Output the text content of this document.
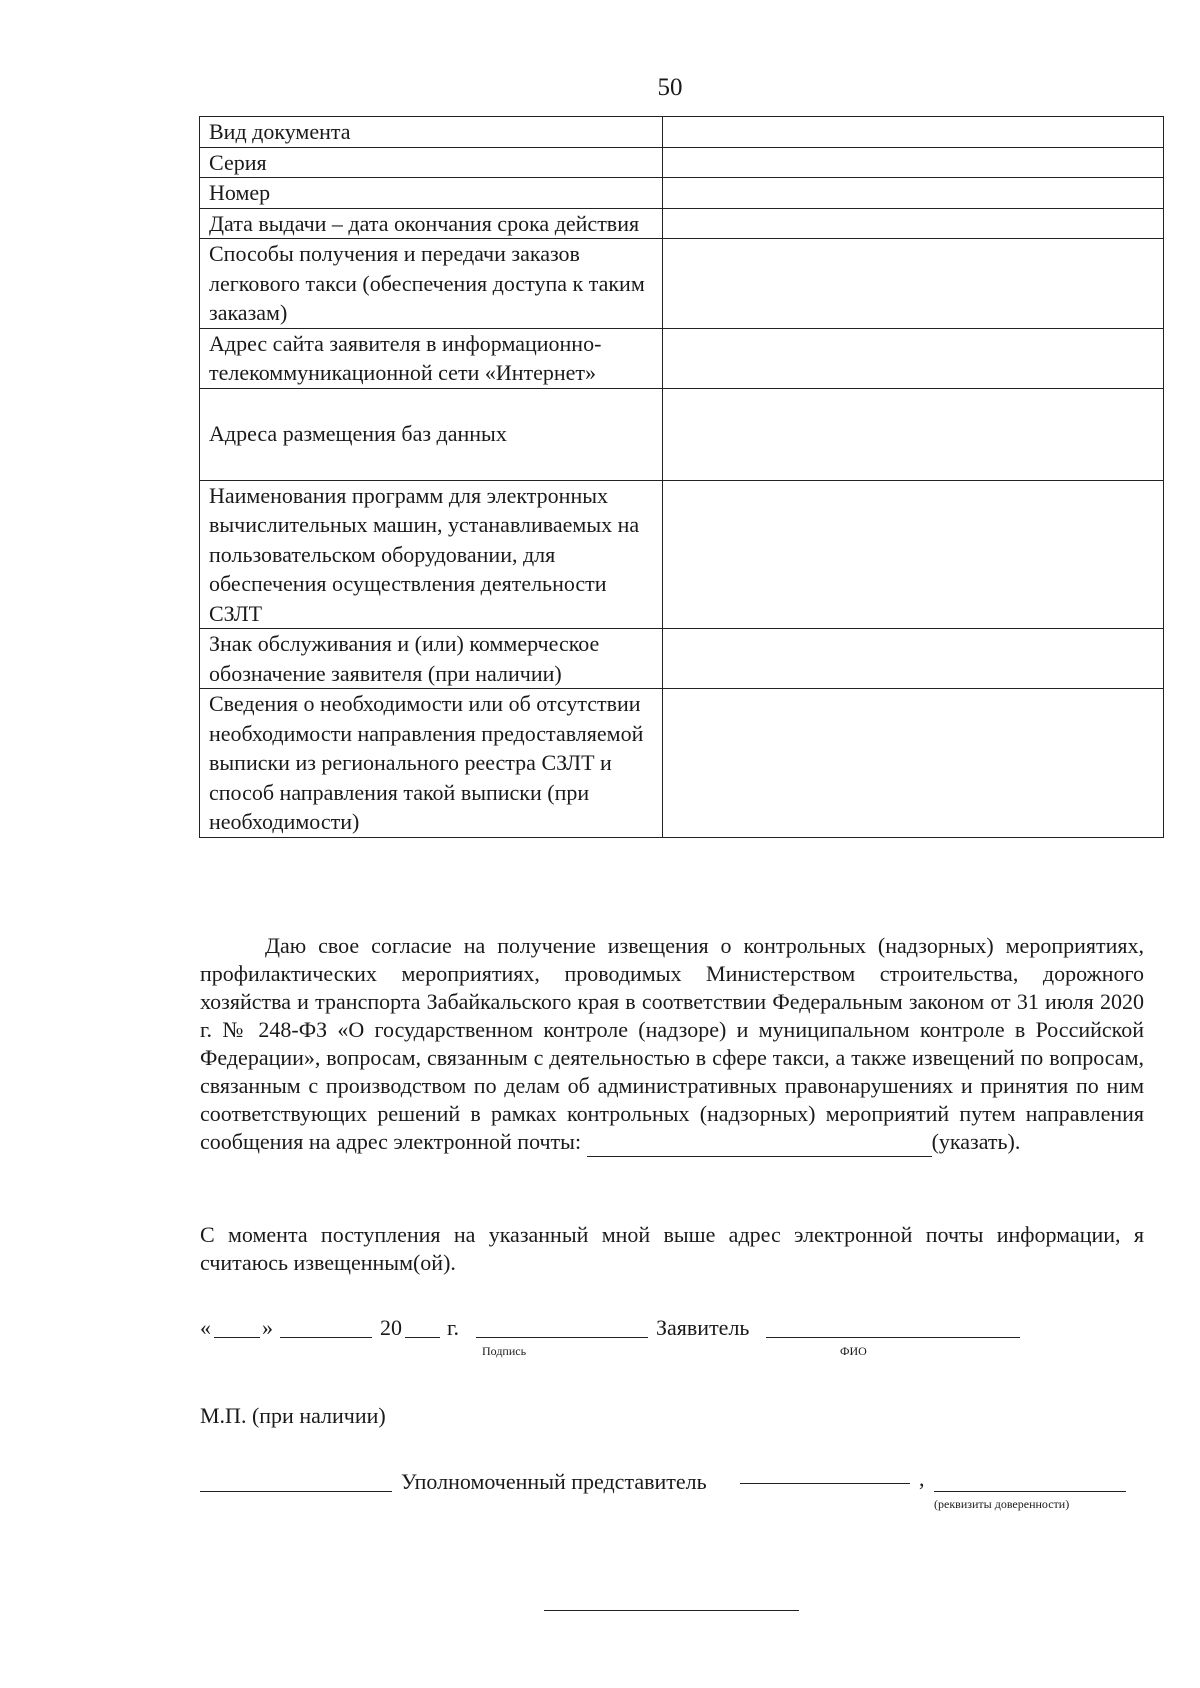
50
Вид документа	
Серия	
Номер	
Дата выдачи – дата окончания срока действия	
Способы получения и передачи заказов легкового такси (обеспечения доступа к таким заказам)	
Адрес сайта заявителя в информационно-телекоммуникационной сети «Интернет»	
Адреса размещения баз данных	
Наименования программ для электронных вычислительных машин, устанавливаемых на пользовательском оборудовании, для обеспечения осуществления деятельности СЗЛТ	
Знак обслуживания и (или) коммерческое обозначение заявителя (при наличии)	
Сведения о необходимости или об отсутствии необходимости направления предоставляемой выписки из регионального реестра СЗЛТ и способ направления такой выписки (при необходимости)	
Даю свое согласие на получение извещения о контрольных (надзорных) мероприятиях, профилактических мероприятиях, проводимых Министерством строительства, дорожного хозяйства и транспорта Забайкальского края в соответствии Федеральным законом от 31 июля 2020 г. № 248-ФЗ «О государственном контроле (надзоре) и муниципальном контроле в Российской Федерации», вопросам, связанным с деятельностью в сфере такси, а также извещений по вопросам, связанным с производством по делам об административных правонарушениях и принятия по ним соответствующих решений в рамках контрольных (надзорных) мероприятий путем направления сообщения на адрес электронной почты:	(указать).
С момента поступления на указанный мной выше адрес электронной почты информации, я считаюсь извещенным(ой).
« »	20 г.
Подпись
Заявитель
ФИО
М.П. (при наличии)
Уполномоченный представитель	,
(реквизиты доверенности)
